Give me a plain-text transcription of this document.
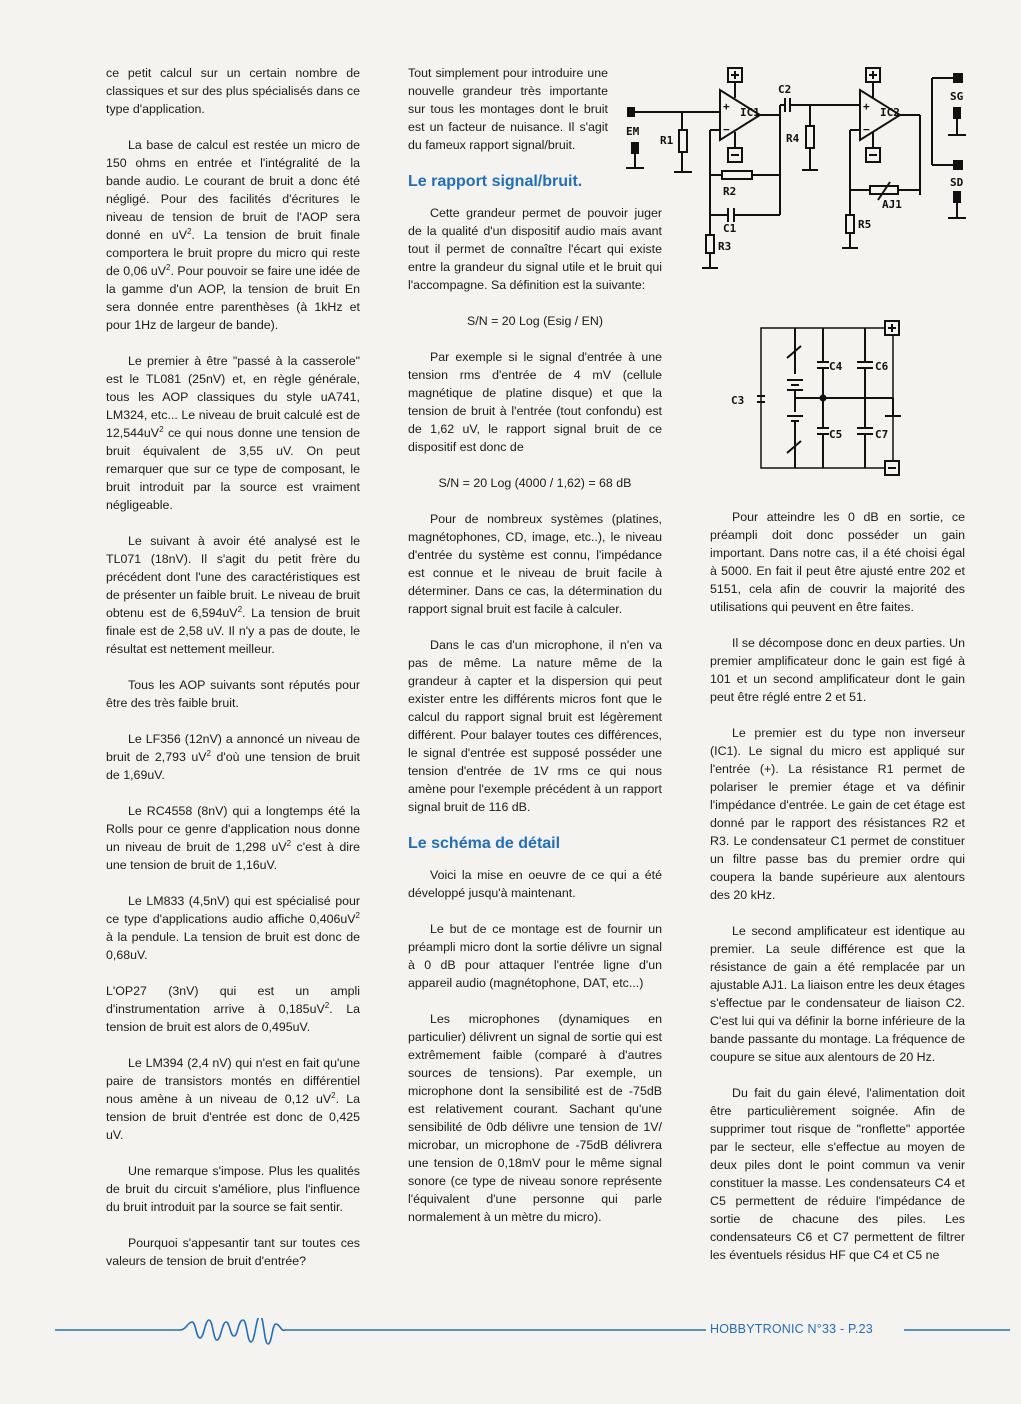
ce petit calcul sur un certain nombre de classiques et sur des plus spécialisés dans ce type d'application.

La base de calcul est restée un micro de 150 ohms en entrée et l'intégralité de la bande audio. Le courant de bruit a donc été négligé. Pour des facilités d'écritures le niveau de tension de bruit de l'AOP sera donné en $uV^2$. La tension de bruit finale comportera le bruit propre du micro qui reste de 0,06 $uV^2$. Pour pouvoir se faire une idée de la gamme d'un AOP, la tension de bruit En sera donnée entre parenthèses (à 1kHz et pour 1Hz de largeur de bande).

Le premier à être "passé à la casserole" est le TL081 (25nV) et, en règle générale, tous les AOP classiques du style uA741, LM324, etc... Le niveau de bruit calculé est de $12,544uV^2$ ce qui nous donne une tension de bruit équivalent de 3,55 uV. On peut remarquer que sur ce type de composant, le bruit introduit par la source est vraiment négligeable.

Le suivant à avoir été analysé est le TL071 (18nV). Il s'agit du petit frère du précédent dont l'une des caractéristiques est de présenter un faible bruit. Le niveau de bruit obtenu est de $6,594uV^2$. La tension de bruit finale est de 2,58 uV. Il n'y a pas de doute, le résultat est nettement meilleur.

Tous les AOP suivants sont réputés pour être des très faible bruit.

Le LF356 (12nV) a annoncé un niveau de bruit de 2,793 $uV^2$ d'où une tension de bruit de 1,69uV.

Le RC4558 (8nV) qui a longtemps été la Rolls pour ce genre d'application nous donne un niveau de bruit de 1,298 $uV^2$ c'est à dire une tension de bruit de 1,16uV.

Le LM833 (4,5nV) qui est spécialisé pour ce type d'applications audio affiche $0,406uV^2$ à la pendule. La tension de bruit est donc de 0,68uV.

L'OP27 (3nV) qui est un ampli d'instrumentation arrive à $0,185uV^2$. La tension de bruit est alors de 0,495uV.

Le LM394 (2,4 nV) qui n'est en fait qu'une paire de transistors montés en différentiel nous amène à un niveau de 0,12 $uV^2$. La tension de bruit d'entrée est donc de 0,425 uV.

Une remarque s'impose. Plus les qualités de bruit du circuit s'améliore, plus l'influence du bruit introduit par la source se fait sentir.

Pourquoi s'appesantir tant sur toutes ces valeurs de tension de bruit d'entrée?

Tout simplement pour introduire une nouvelle grandeur très importante sur tous les montages dont le bruit est un facteur de nuisance. Il s'agit du fameux rapport signal/bruit.

Le rapport signal/bruit.

Cette grandeur permet de pouvoir juger de la qualité d'un dispositif audio mais avant tout il permet de connaître l'écart qui existe entre la grandeur du signal utile et le bruit qui l'accompagne. Sa définition est la suivante:

S/N = 20 Log (Esig / EN)

Par exemple si le signal d'entrée à une tension rms d'entrée de 4 mV (cellule magnétique de platine disque) et que la tension de bruit à l'entrée (tout confondu) est de 1,62 uV, le rapport signal bruit de ce dispositif est donc de

S/N = 20 Log (4000 / 1,62) = 68 dB

Pour de nombreux systèmes (platines, magnétophones, CD, image, etc..), le niveau d'entrée du système est connu, l'impédance est connue et le niveau de bruit facile à déterminer. Dans ce cas, la détermination du rapport signal bruit est facile à calculer.

Dans le cas d'un microphone, il n'en va pas de même. La nature même de la grandeur à capter et la dispersion qui peut exister entre les différents micros font que le calcul du rapport signal bruit est légèrement différent. Pour balayer toutes ces différences, le signal d'entrée est supposé posséder une tension d'entrée de 1V rms ce qui nous amène pour l'exemple précédent à un rapport signal bruit de 116 dB.

Le schéma de détail

Voici la mise en oeuvre de ce qui a été développé jusqu'à maintenant.

Le but de ce montage est de fournir un préampli micro dont la sortie délivre un signal à 0 dB pour attaquer l'entrée ligne d'un appareil audio (magnétophone, DAT, etc...)

Les microphones (dynamiques en particulier) délivrent un signal de sortie qui est extrêmement faible (comparé à d'autres sources de tensions). Par exemple, un microphone dont la sensibilité est de -75dB est relativement courant. Sachant qu'une sensibilité de 0db délivre une tension de 1V/ microbar, un microphone de -75dB délivrera une tension de 0,18mV pour le même signal sonore (ce type de niveau sonore représente l'équivalent d'une personne qui parle normalement à un mètre du micro).

Pour atteindre les 0 dB en sortie, ce préampli doit donc posséder un gain important. Dans notre cas, il a été choisi égal à 5000. En fait il peut être ajusté entre 202 et 5151, cela afin de couvrir la majorité des utilisations qui peuvent en être faites.

Il se décompose donc en deux parties. Un premier amplificateur donc le gain est figé à 101 et un second amplificateur dont le gain peut être réglé entre 2 et 51.

Le premier est du type non inverseur (IC1). Le signal du micro est appliqué sur l'entrée (+). La résistance R1 permet de polariser le premier étage et va définir l'impédance d'entrée. Le gain de cet étage est donné par le rapport des résistances R2 et R3. Le condensateur C1 permet de constituer un filtre passe bas du premier ordre qui coupera la bande supérieure aux alentours des 20 kHz.

Le second amplificateur est identique au premier. La seule différence est que la résistance de gain a été remplacée par un ajustable AJ1. La liaison entre les deux étages s'effectue par le condensateur de liaison C2. C'est lui qui va définir la borne inférieure de la bande passante du montage. La fréquence de coupure se situe aux alentours de 20 Hz.

Du fait du gain élevé, l'alimentation doit être particulièrement soignée. Afin de supprimer tout risque de "ronflette" apportée par le secteur, elle s'effectue au moyen de deux piles dont le point commun va venir constituer la masse. Les condensateurs C4 et C5 permettent de réduire l'impédance de sortie de chacune des piles. Les condensateurs C6 et C7 permettent de filtrer les éventuels résidus HF que C4 et C5 ne

EM
R1
+
−
IC1
C2
R2
C1
R3
R4
+
−
IC2
SG
SD
AJ1
R5
C3
C4
C5
C6
C7
HOBBYTRONIC N°33 - P.23
